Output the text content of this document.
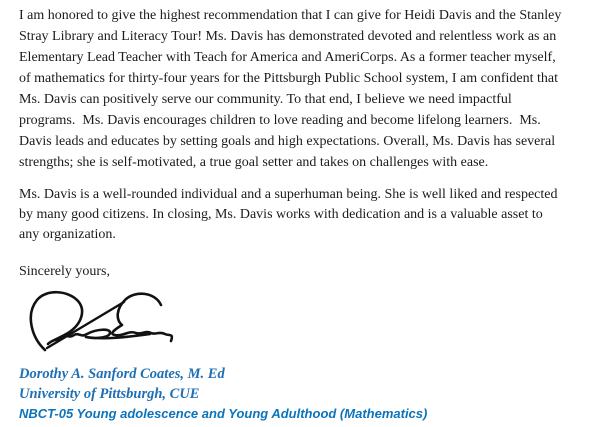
I am honored to give the highest recommendation that I can give for Heidi Davis and the Stanley
Stray Library and Literacy Tour! Ms. Davis has demonstrated devoted and relentless work as an
Elementary Lead Teacher with Teach for America and AmeriCorps. As a former teacher myself,
of mathematics for thirty-four years for the Pittsburgh Public School system, I am confident that
Ms. Davis can positively serve our community. To that end, I believe we need impactful
programs.  Ms. Davis encourages children to love reading and become lifelong learners.  Ms.
Davis leads and educates by setting goals and high expectations. Overall, Ms. Davis has several
strengths; she is self-motivated, a true goal setter and takes on challenges with ease.
Ms. Davis is a well-rounded individual and a superhuman being. She is well liked and respected
by many good citizens. In closing, Ms. Davis works with dedication and is a valuable asset to
any organization.
Sincerely yours,
Dorothy A. Sanford Coates, M. Ed
University of Pittsburgh, CUE
NBCT-05 Young adolescence and Young Adulthood (Mathematics)
